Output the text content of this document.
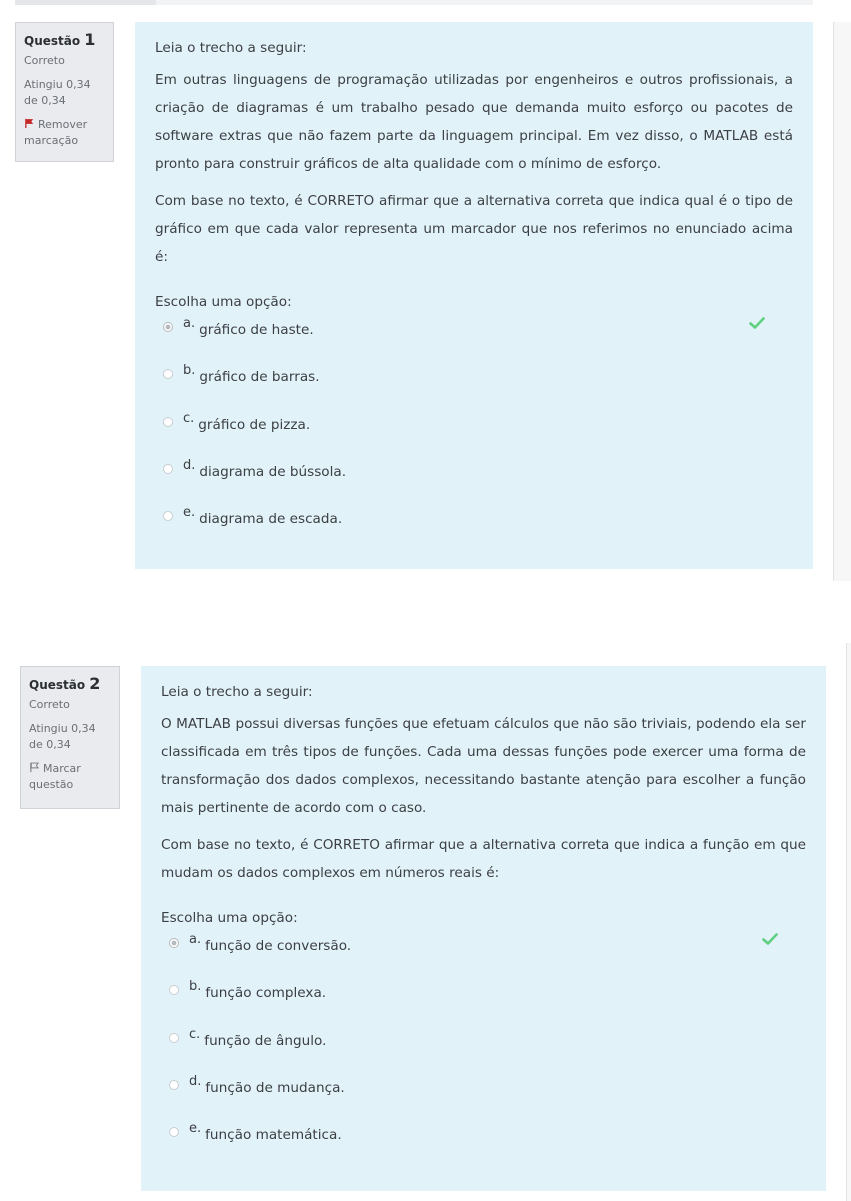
Questão 1
Correto
Atingiu 0,34 de 0,34
Remover marcação

Leia o trecho a seguir:

Em outras linguagens de programação utilizadas por engenheiros e outros profissionais, a criação de diagramas é um trabalho pesado que demanda muito esforço ou pacotes de software extras que não fazem parte da linguagem principal. Em vez disso, o MATLAB está pronto para construir gráficos de alta qualidade com o mínimo de esforço.

Com base no texto, é CORRETO afirmar que a alternativa correta que indica qual é o tipo de gráfico em que cada valor representa um marcador que nos referimos no enunciado acima é:

Escolha uma opção:
a. gráfico de haste.
b. gráfico de barras.
c. gráfico de pizza.
d. diagrama de bússola.
e. diagrama de escada.
Questão 2
Correto
Atingiu 0,34 de 0,34
Marcar questão

Leia o trecho a seguir:

O MATLAB possui diversas funções que efetuam cálculos que não são triviais, podendo ela ser classificada em três tipos de funções. Cada uma dessas funções pode exercer uma forma de transformação dos dados complexos, necessitando bastante atenção para escolher a função mais pertinente de acordo com o caso.

Com base no texto, é CORRETO afirmar que a alternativa correta que indica a função em que mudam os dados complexos em números reais é:

Escolha uma opção:
a. função de conversão.
b. função complexa.
c. função de ângulo.
d. função de mudança.
e. função matemática.
